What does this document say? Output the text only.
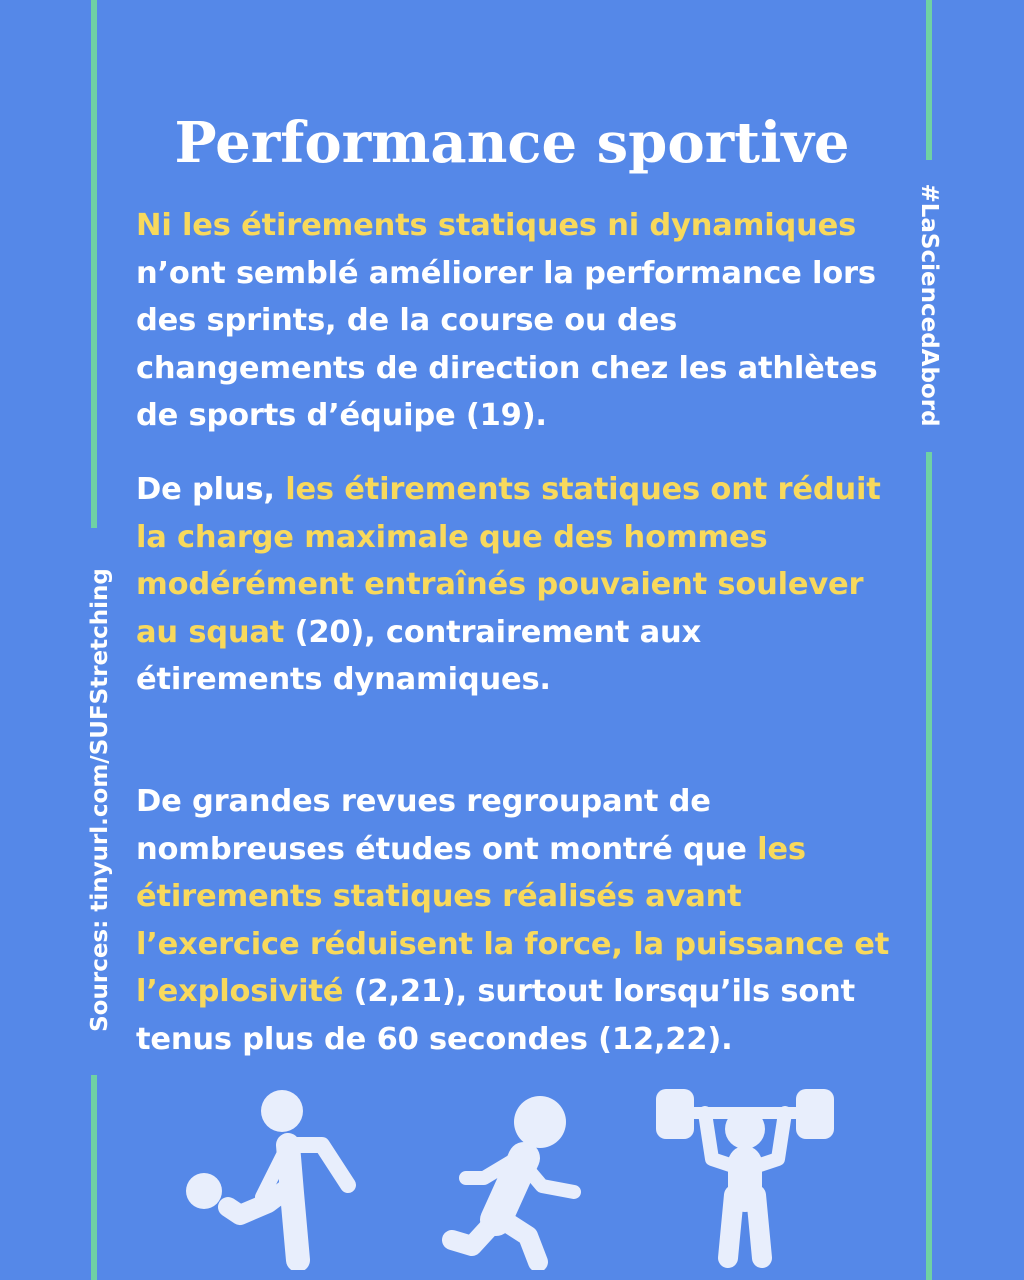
Performance sportive
#LaSciencedAbord
Sources: tinyurl.com/SUFStretching

Ni les étirements statiques ni dynamiques n’ont semblé améliorer la performance lors des sprints, de la course ou des changements de direction chez les athlètes de sports d’équipe (19).

De plus, les étirements statiques ont réduit la charge maximale que des hommes modérément entraînés pouvaient soulever au squat (20), contrairement aux étirements dynamiques.

De grandes revues regroupant de nombreuses études ont montré que les étirements statiques réalisés avant l’exercice réduisent la force, la puissance et l’explosivité (2,21), surtout lorsqu’ils sont tenus plus de 60 secondes (12,22).
